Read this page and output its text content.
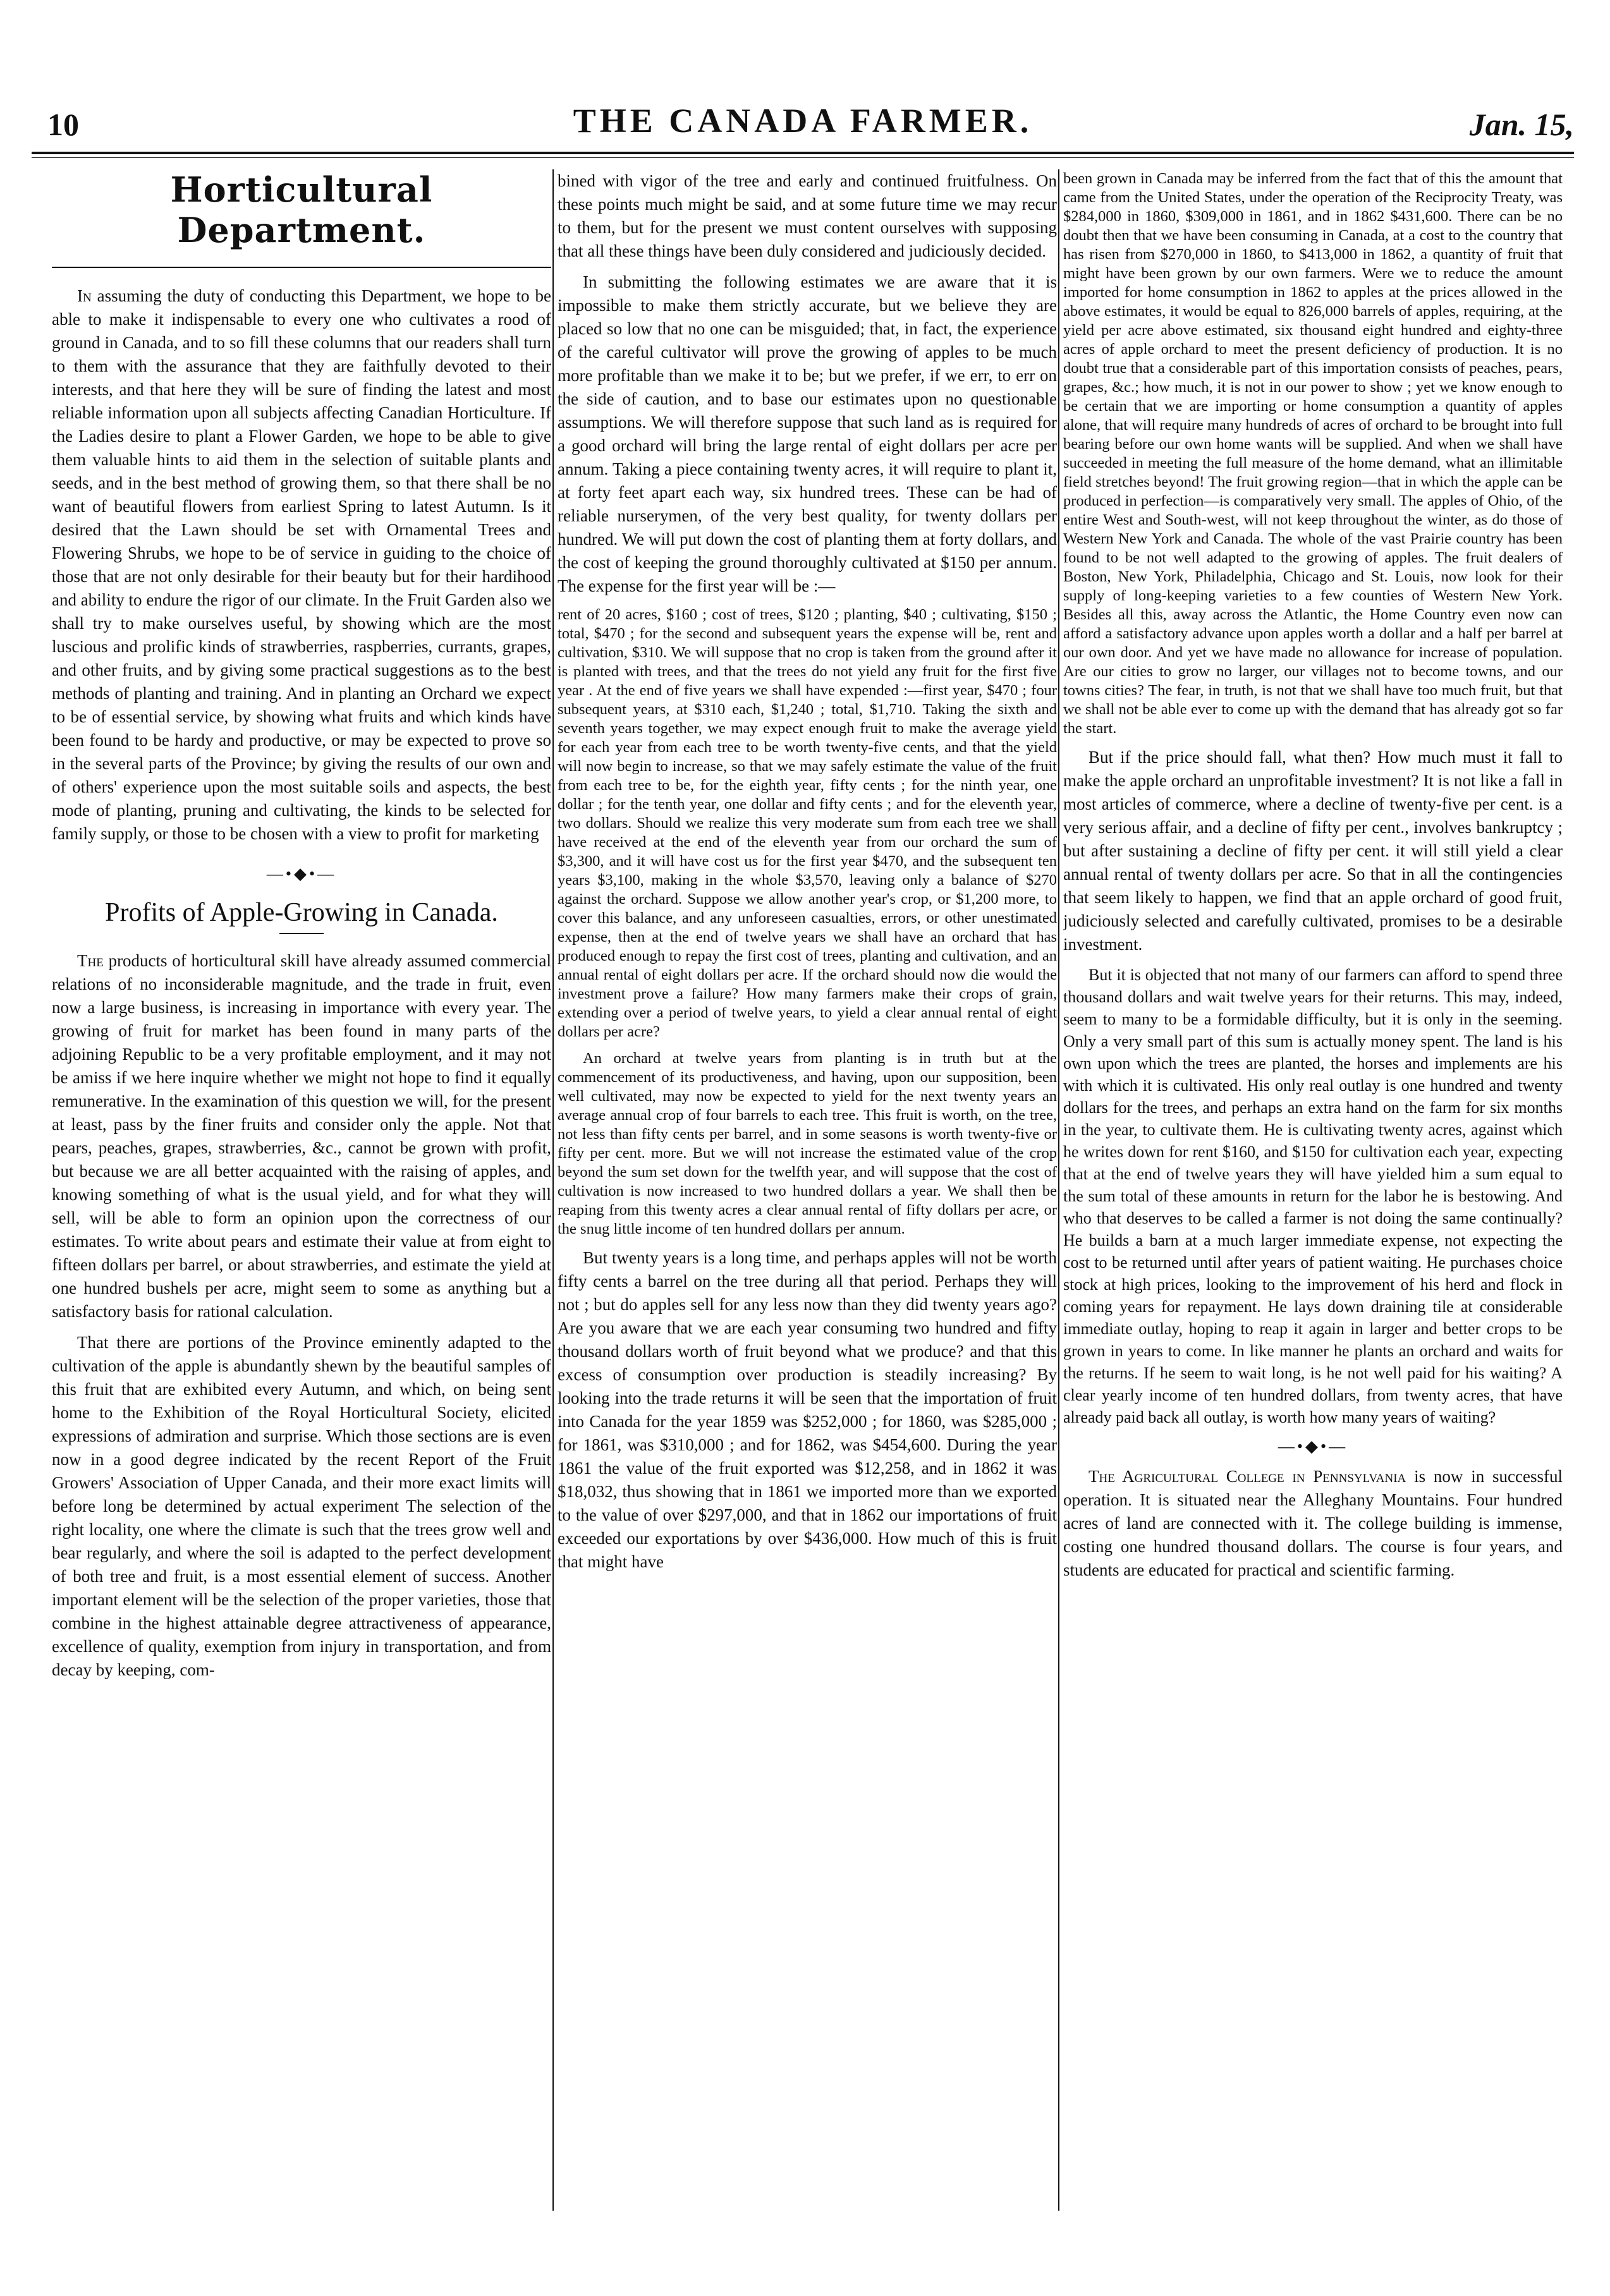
10	THE CANADA FARMER.	Jan. 15,
Horticultural Department.

In assuming the duty of conducting this Department, we hope to be able to make it indispensable to every one who cultivates a rood of ground in Canada, and to so fill these columns that our readers shall turn to them with the assurance that they are faithfully devoted to their interests, and that here they will be sure of finding the latest and most reliable information upon all subjects affecting Canadian Horticulture. If the Ladies desire to plant a Flower Garden, we hope to be able to give them valuable hints to aid them in the selection of suitable plants and seeds, and in the best method of growing them, so that there shall be no want of beautiful flowers from earliest Spring to latest Autumn. Is it desired that the Lawn should be set with Ornamental Trees and Flowering Shrubs, we hope to be of service in guiding to the choice of those that are not only desirable for their beauty but for their hardihood and ability to endure the rigor of our climate. In the Fruit Garden also we shall try to make ourselves useful, by showing which are the most luscious and prolific kinds of strawberries, raspberries, currants, grapes, and other fruits, and by giving some practical suggestions as to the best methods of planting and training. And in planting an Orchard we expect to be of essential service, by showing what fruits and which kinds have been found to be hardy and productive, or may be expected to prove so in the several parts of the Province; by giving the results of our own and of others' experience upon the most suitable soils and aspects, the best mode of planting, pruning and cultivating, the kinds to be selected for family supply, or those to be chosen with a view to profit for marketing

—•◆•—
Profits of Apple-Growing in Canada.

The products of horticultural skill have already assumed commercial relations of no inconsiderable magnitude, and the trade in fruit, even now a large business, is increasing in importance with every year. The growing of fruit for market has been found in many parts of the adjoining Republic to be a very profitable employment, and it may not be amiss if we here inquire whether we might not hope to find it equally remunerative. In the examination of this question we will, for the present at least, pass by the finer fruits and consider only the apple. Not that pears, peaches, grapes, strawberries, &c., cannot be grown with profit, but because we are all better acquainted with the raising of apples, and knowing something of what is the usual yield, and for what they will sell, will be able to form an opinion upon the correctness of our estimates. To write about pears and estimate their value at from eight to fifteen dollars per barrel, or about strawberries, and estimate the yield at one hundred bushels per acre, might seem to some as anything but a satisfactory basis for rational calculation.

That there are portions of the Province eminently adapted to the cultivation of the apple is abundantly shewn by the beautiful samples of this fruit that are exhibited every Autumn, and which, on being sent home to the Exhibition of the Royal Horticultural Society, elicited expressions of admiration and surprise. Which those sections are is even now in a good degree indicated by the recent Report of the Fruit Growers' Association of Upper Canada, and their more exact limits will before long be determined by actual experiment The selection of the right locality, one where the climate is such that the trees grow well and bear regularly, and where the soil is adapted to the perfect development of both tree and fruit, is a most essential element of success. Another important element will be the selection of the proper varieties, those that combine in the highest attainable degree attractiveness of appearance, excellence of quality, exemption from injury in transportation, and from decay by keeping, com-

bined with vigor of the tree and early and continued fruitfulness. On these points much might be said, and at some future time we may recur to them, but for the present we must content ourselves with supposing that all these things have been duly considered and judiciously decided.

In submitting the following estimates we are aware that it is impossible to make them strictly accurate, but we believe they are placed so low that no one can be misguided; that, in fact, the experience of the careful cultivator will prove the growing of apples to be much more profitable than we make it to be; but we prefer, if we err, to err on the side of caution, and to base our estimates upon no questionable assumptions. We will therefore suppose that such land as is required for a good orchard will bring the large rental of eight dollars per acre per annum. Taking a piece containing twenty acres, it will require to plant it, at forty feet apart each way, six hundred trees. These can be had of reliable nurserymen, of the very best quality, for twenty dollars per hundred. We will put down the cost of planting them at forty dollars, and the cost of keeping the ground thoroughly cultivated at $150 per annum. The expense for the first year will be :—

rent of 20 acres, $160 ; cost of trees, $120 ; planting, $40 ; cultivating, $150 ; total, $470 ; for the second and subsequent years the expense will be, rent and cultivation, $310. We will suppose that no crop is taken from the ground after it is planted with trees, and that the trees do not yield any fruit for the first five year . At the end of five years we shall have expended :—first year, $470 ; four subsequent years, at $310 each, $1,240 ; total, $1,710. Taking the sixth and seventh years together, we may expect enough fruit to make the average yield for each year from each tree to be worth twenty-five cents, and that the yield will now begin to increase, so that we may safely estimate the value of the fruit from each tree to be, for the eighth year, fifty cents ; for the ninth year, one dollar ; for the tenth year, one dollar and fifty cents ; and for the eleventh year, two dollars. Should we realize this very moderate sum from each tree we shall have received at the end of the eleventh year from our orchard the sum of $3,300, and it will have cost us for the first year $470, and the subsequent ten years $3,100, making in the whole $3,570, leaving only a balance of $270 against the orchard. Suppose we allow another year's crop, or $1,200 more, to cover this balance, and any unforeseen casualties, errors, or other unestimated expense, then at the end of twelve years we shall have an orchard that has produced enough to repay the first cost of trees, planting and cultivation, and an annual rental of eight dollars per acre. If the orchard should now die would the investment prove a failure? How many farmers make their crops of grain, extending over a period of twelve years, to yield a clear annual rental of eight dollars per acre?

An orchard at twelve years from planting is in truth but at the commencement of its productiveness, and having, upon our supposition, been well cultivated, may now be expected to yield for the next twenty years an average annual crop of four barrels to each tree. This fruit is worth, on the tree, not less than fifty cents per barrel, and in some seasons is worth twenty-five or fifty per cent. more. But we will not increase the estimated value of the crop beyond the sum set down for the twelfth year, and will suppose that the cost of cultivation is now increased to two hundred dollars a year. We shall then be reaping from this twenty acres a clear annual rental of fifty dollars per acre, or the snug little income of ten hundred dollars per annum.

But twenty years is a long time, and perhaps apples will not be worth fifty cents a barrel on the tree during all that period. Perhaps they will not ; but do apples sell for any less now than they did twenty years ago? Are you aware that we are each year consuming two hundred and fifty thousand dollars worth of fruit beyond what we produce? and that this excess of consumption over production is steadily increasing? By looking into the trade returns it will be seen that the importation of fruit into Canada for the year 1859 was $252,000 ; for 1860, was $285,000 ; for 1861, was $310,000 ; and for 1862, was $454,600. During the year 1861 the value of the fruit exported was $12,258, and in 1862 it was $18,032, thus showing that in 1861 we imported more than we exported to the value of over $297,000, and that in 1862 our importations of fruit exceeded our exportations by over $436,000. How much of this is fruit that might have

been grown in Canada may be inferred from the fact that of this the amount that came from the United States, under the operation of the Reciprocity Treaty, was $284,000 in 1860, $309,000 in 1861, and in 1862 $431,600. There can be no doubt then that we have been consuming in Canada, at a cost to the country that has risen from $270,000 in 1860, to $413,000 in 1862, a quantity of fruit that might have been grown by our own farmers. Were we to reduce the amount imported for home consumption in 1862 to apples at the prices allowed in the above estimates, it would be equal to 826,000 barrels of apples, requiring, at the yield per acre above estimated, six thousand eight hundred and eighty-three acres of apple orchard to meet the present deficiency of production. It is no doubt true that a considerable part of this importation consists of peaches, pears, grapes, &c.; how much, it is not in our power to show ; yet we know enough to be certain that we are importing or home consumption a quantity of apples alone, that will require many hundreds of acres of orchard to be brought into full bearing before our own home wants will be supplied. And when we shall have succeeded in meeting the full measure of the home demand, what an illimitable field stretches beyond! The fruit growing region—that in which the apple can be produced in perfection—is comparatively very small. The apples of Ohio, of the entire West and South-west, will not keep throughout the winter, as do those of Western New York and Canada. The whole of the vast Prairie country has been found to be not well adapted to the growing of apples. The fruit dealers of Boston, New York, Philadelphia, Chicago and St. Louis, now look for their supply of long-keeping varieties to a few counties of Western New York. Besides all this, away across the Atlantic, the Home Country even now can afford a satisfactory advance upon apples worth a dollar and a half per barrel at our own door. And yet we have made no allowance for increase of population. Are our cities to grow no larger, our villages not to become towns, and our towns cities? The fear, in truth, is not that we shall have too much fruit, but that we shall not be able ever to come up with the demand that has already got so far the start.

But if the price should fall, what then? How much must it fall to make the apple orchard an unprofitable investment? It is not like a fall in most articles of commerce, where a decline of twenty-five per cent. is a very serious affair, and a decline of fifty per cent., involves bankruptcy ; but after sustaining a decline of fifty per cent. it will still yield a clear annual rental of twenty dollars per acre. So that in all the contingencies that seem likely to happen, we find that an apple orchard of good fruit, judiciously selected and carefully cultivated, promises to be a desirable investment.

But it is objected that not many of our farmers can afford to spend three thousand dollars and wait twelve years for their returns. This may, indeed, seem to many to be a formidable difficulty, but it is only in the seeming. Only a very small part of this sum is actually money spent. The land is his own upon which the trees are planted, the horses and implements are his with which it is cultivated. His only real outlay is one hundred and twenty dollars for the trees, and perhaps an extra hand on the farm for six months in the year, to cultivate them. He is cultivating twenty acres, against which he writes down for rent $160, and $150 for cultivation each year, expecting that at the end of twelve years they will have yielded him a sum equal to the sum total of these amounts in return for the labor he is bestowing. And who that deserves to be called a farmer is not doing the same continually? He builds a barn at a much larger immediate expense, not expecting the cost to be returned until after years of patient waiting. He purchases choice stock at high prices, looking to the improvement of his herd and flock in coming years for repayment. He lays down draining tile at considerable immediate outlay, hoping to reap it again in larger and better crops to be grown in years to come. In like manner he plants an orchard and waits for the returns. If he seem to wait long, is he not well paid for his waiting? A clear yearly income of ten hundred dollars, from twenty acres, that have already paid back all outlay, is worth how many years of waiting?

—•◆•—

The Agricultural College in Pennsylvania is now in successful operation. It is situated near the Alleghany Mountains. Four hundred acres of land are connected with it. The college building is immense, costing one hundred thousand dollars. The course is four years, and students are educated for practical and scientific farming.
